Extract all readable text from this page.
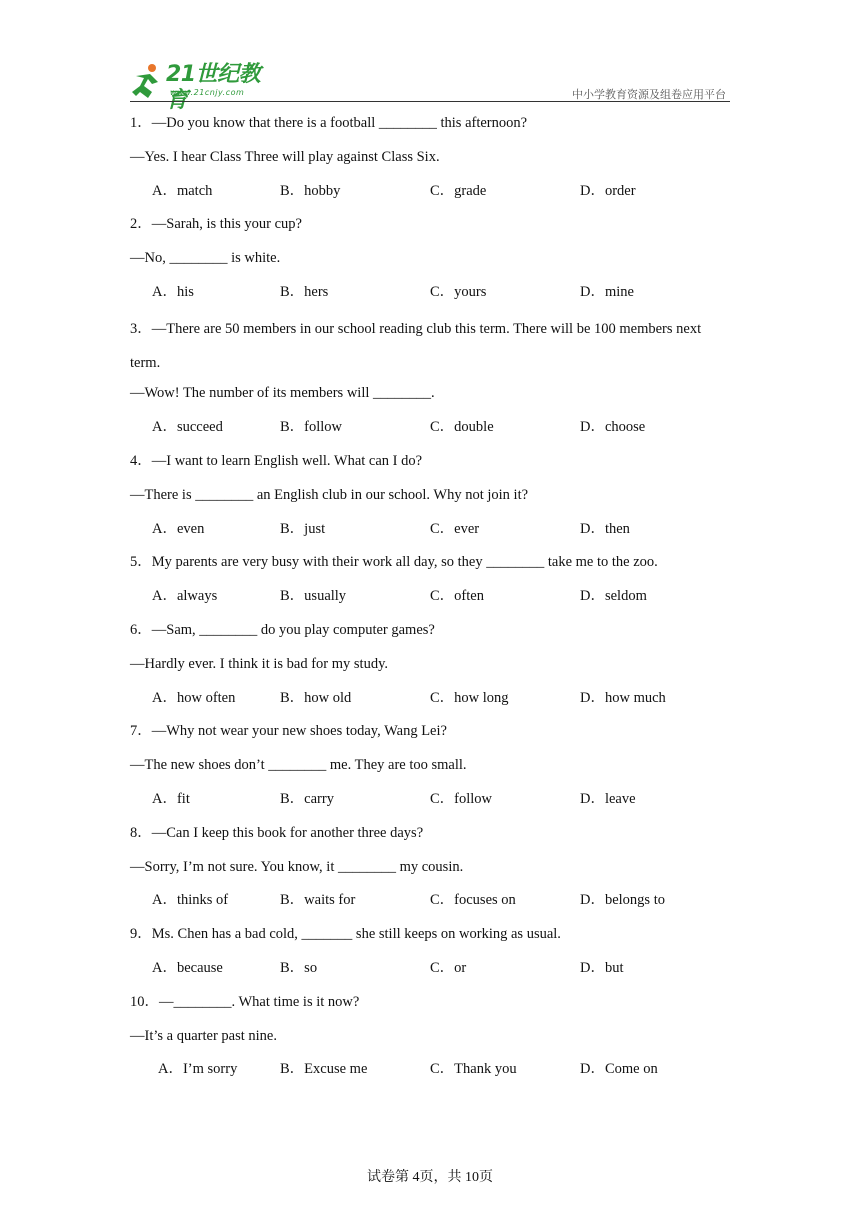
21世纪教育
www.21cnjy.com	中小学教育资源及组卷应用平台
1．—Do you know that there is a football ________ this afternoon?
—Yes. I hear Class Three will play against Class Six.
A．match	B．hobby	C．grade	D．order
2．—Sarah, is this your cup?
—No, ________ is white.
A．his	B．hers	C．yours	D．mine
3．—There are 50 members in our school reading club this term. There will be 100 members next term.
—Wow! The number of its members will ________.
A．succeed	B．follow	C．double	D．choose
4．—I want to learn English well. What can I do?
—There is ________ an English club in our school. Why not join it?
A．even	B．just	C．ever	D．then
5．My parents are very busy with their work all day, so they ________ take me to the zoo.
A．always	B．usually	C．often	D．seldom
6．—Sam, ________ do you play computer games?
—Hardly ever. I think it is bad for my study.
A．how often	B．how old	C．how long	D．how much
7．—Why not wear your new shoes today, Wang Lei?
—The new shoes don’t ________ me. They are too small.
A．fit	B．carry	C．follow	D．leave
8．—Can I keep this book for another three days?
—Sorry, I’m not sure. You know, it ________ my cousin.
A．thinks of	B．waits for	C．focuses on	D．belongs to
9．Ms. Chen has a bad cold, _______ she still keeps on working as usual.
A．because	B．so	C．or	D．but
10．—________. What time is it now?
—It’s a quarter past nine.
A．I’m sorry	B．Excuse me	C．Thank you	D．Come on
试卷第 4页，共 10页
